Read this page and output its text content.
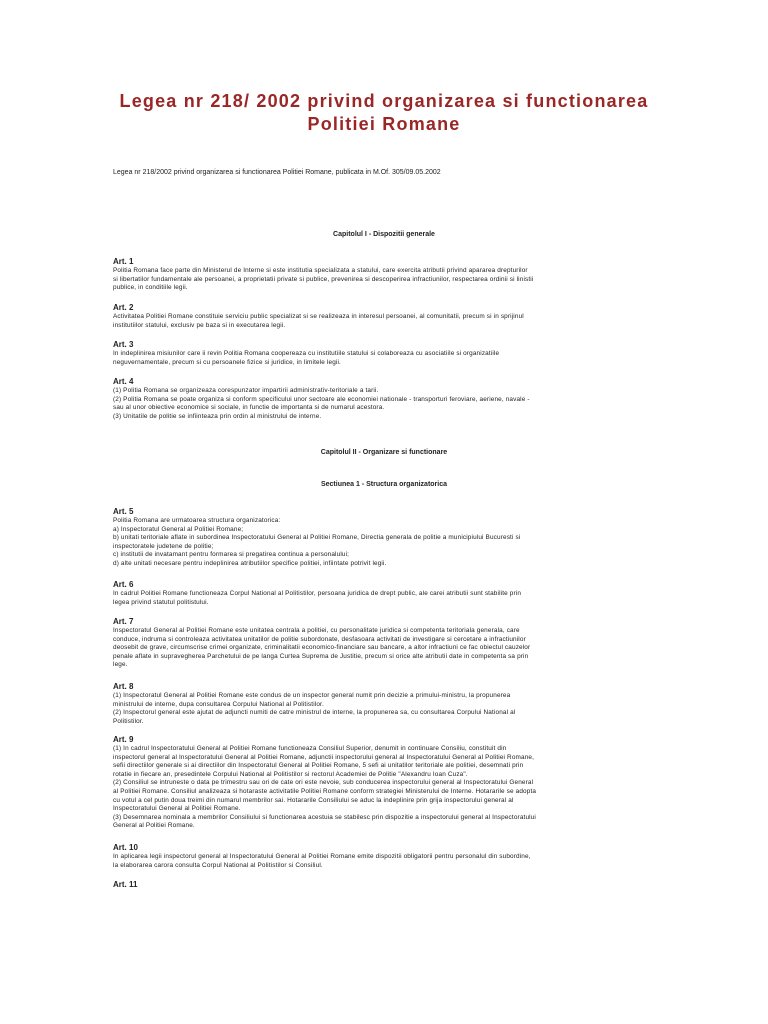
Legea nr 218/ 2002 privind organizarea si functionarea
Politiei Romane
Legea nr 218/2002 privind organizarea si functionarea Politiei Romane, publicata in M.Of. 305/09.05.2002
Capitolul I - Dispozitii generale
Art. 1
Politia Romana face parte din Ministerul de Interne si este institutia specializata a statului, care exercita atributii privind apararea drepturilor
si libertatilor fundamentale ale persoanei, a proprietatii private si publice, prevenirea si descoperirea infractiunilor, respectarea ordinii si linistii
publice, in conditiile legii.
Art. 2
Activitatea Politiei Romane constituie serviciu public specializat si se realizeaza in interesul persoanei, al comunitatii, precum si in sprijinul
institutiilor statului, exclusiv pe baza si in executarea legii.
Art. 3
In indeplinirea misiunilor care ii revin Politia Romana coopereaza cu institutiile statului si colaboreaza cu asociatiile si organizatiile
neguvernamentale, precum si cu persoanele fizice si juridice, in limitele legii.
Art. 4
(1) Politia Romana se organizeaza corespunzator impartirii administrativ-teritoriale a tarii.
(2) Politia Romana se poate organiza si conform specificului unor sectoare ale economiei nationale - transporturi feroviare, aeriene, navale -
sau al unor obiective economice si sociale, in functie de importanta si de numarul acestora.
(3) Unitatile de politie se infiinteaza prin ordin al ministrului de interne.
Capitolul II - Organizare si functionare
Sectiunea 1 - Structura organizatorica
Art. 5
Politia Romana are urmatoarea structura organizatorica:
a) Inspectoratul General al Politiei Romane;
b) unitati teritoriale aflate in subordinea Inspectoratului General al Politiei Romane, Directia generala de politie a municipiului Bucuresti si
inspectoratele judetene de politie;
c) institutii de invatamant pentru formarea si pregatirea continua a personalului;
d) alte unitati necesare pentru indeplinirea atributiilor specifice politiei, infiintate potrivit legii.
Art. 6
In cadrul Politiei Romane functioneaza Corpul National al Politistilor, persoana juridica de drept public, ale carei atributii sunt stabilite prin
legea privind statutul politistului.
Art. 7
Inspectoratul General al Politiei Romane este unitatea centrala a politiei, cu personalitate juridica si competenta teritoriala generala, care
conduce, indruma si controleaza activitatea unitatilor de politie subordonate, desfasoara activitati de investigare si cercetare a infractiunilor
deosebit de grave, circumscrise crimei organizate, criminalitatii economico-financiare sau bancare, a altor infractiuni ce fac obiectul cauzelor
penale aflate in supravegherea Parchetului de pe langa Curtea Suprema de Justitie, precum si orice alte atributii date in competenta sa prin
lege.
Art. 8
(1) Inspectoratul General al Politiei Romane este condus de un inspector general numit prin decizie a primului-ministru, la propunerea
ministrului de interne, dupa consultarea Corpului National al Politistilor.
(2) Inspectorul general este ajutat de adjuncti numiti de catre ministrul de interne, la propunerea sa, cu consultarea Corpului National al
Politistilor.
Art. 9
(1) In cadrul Inspectoratului General al Politiei Romane functioneaza Consiliul Superior, denumit in continuare Consiliu, constituit din
inspectorul general al Inspectoratului General al Politiei Romane, adjunctii inspectorului general al Inspectoratului General al Politiei Romane,
sefii directiilor generale si ai directiilor din Inspectoratul General al Politiei Romane, 5 sefi ai unitatilor teritoriale ale politiei, desemnati prin
rotatie in fiecare an, presedintele Corpului National al Politistilor si rectorul Academiei de Politie "Alexandru Ioan Cuza".
(2) Consiliul se intruneste o data pe trimestru sau ori de cate ori este nevoie, sub conducerea inspectorului general al Inspectoratului General
al Politiei Romane. Consiliul analizeaza si hotaraste activitatile Politiei Romane conform strategiei Ministerului de Interne. Hotararile se adopta
cu votul a cel putin doua treimi din numarul membrilor sai. Hotararile Consiliului se aduc la indeplinire prin grija inspectorului general al
Inspectoratului General al Politiei Romane.
(3) Desemnarea nominala a membrilor Consiliului si functionarea acestuia se stabilesc prin dispozitie a inspectorului general al Inspectoratului
General al Politiei Romane.
Art. 10
In aplicarea legii inspectorul general al Inspectoratului General al Politiei Romane emite dispozitii obligatorii pentru personalul din subordine,
la elaborarea carora consulta Corpul National al Politistilor si Consiliul.
Art. 11
